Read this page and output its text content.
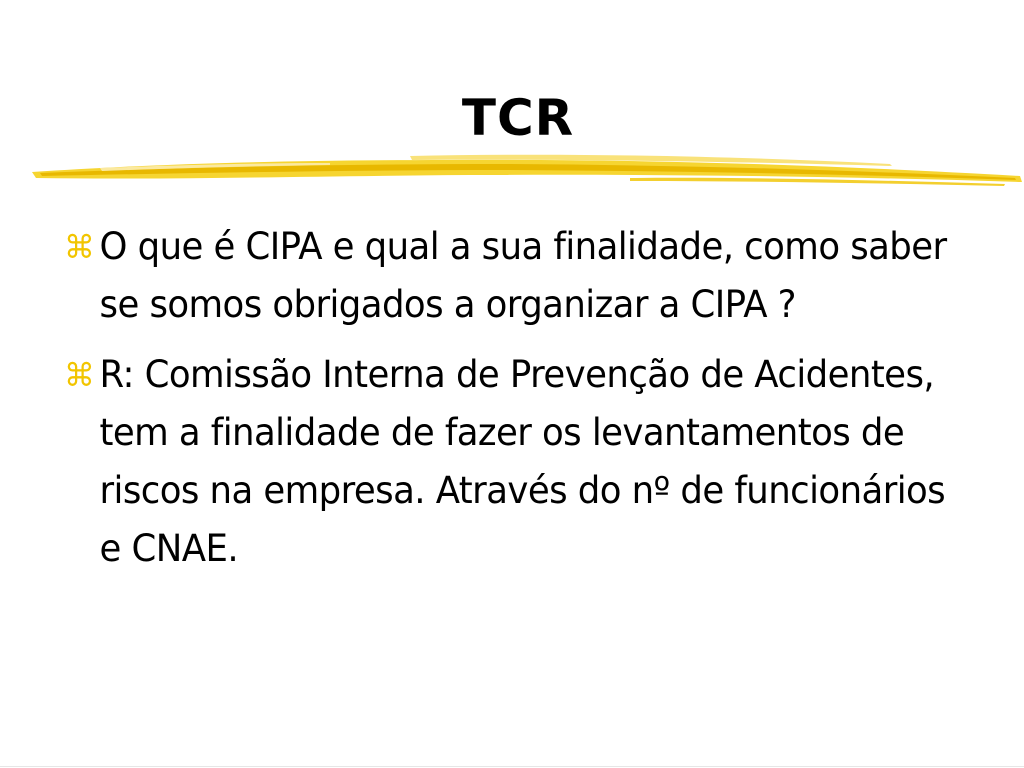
TCR
⌘ O que é CIPA e qual a sua finalidade, como saber se somos obrigados a organizar a CIPA ?
⌘ R: Comissão Interna de Prevenção de Acidentes, tem a finalidade de fazer os levantamentos de riscos na empresa. Através do nº de funcionários e CNAE.
